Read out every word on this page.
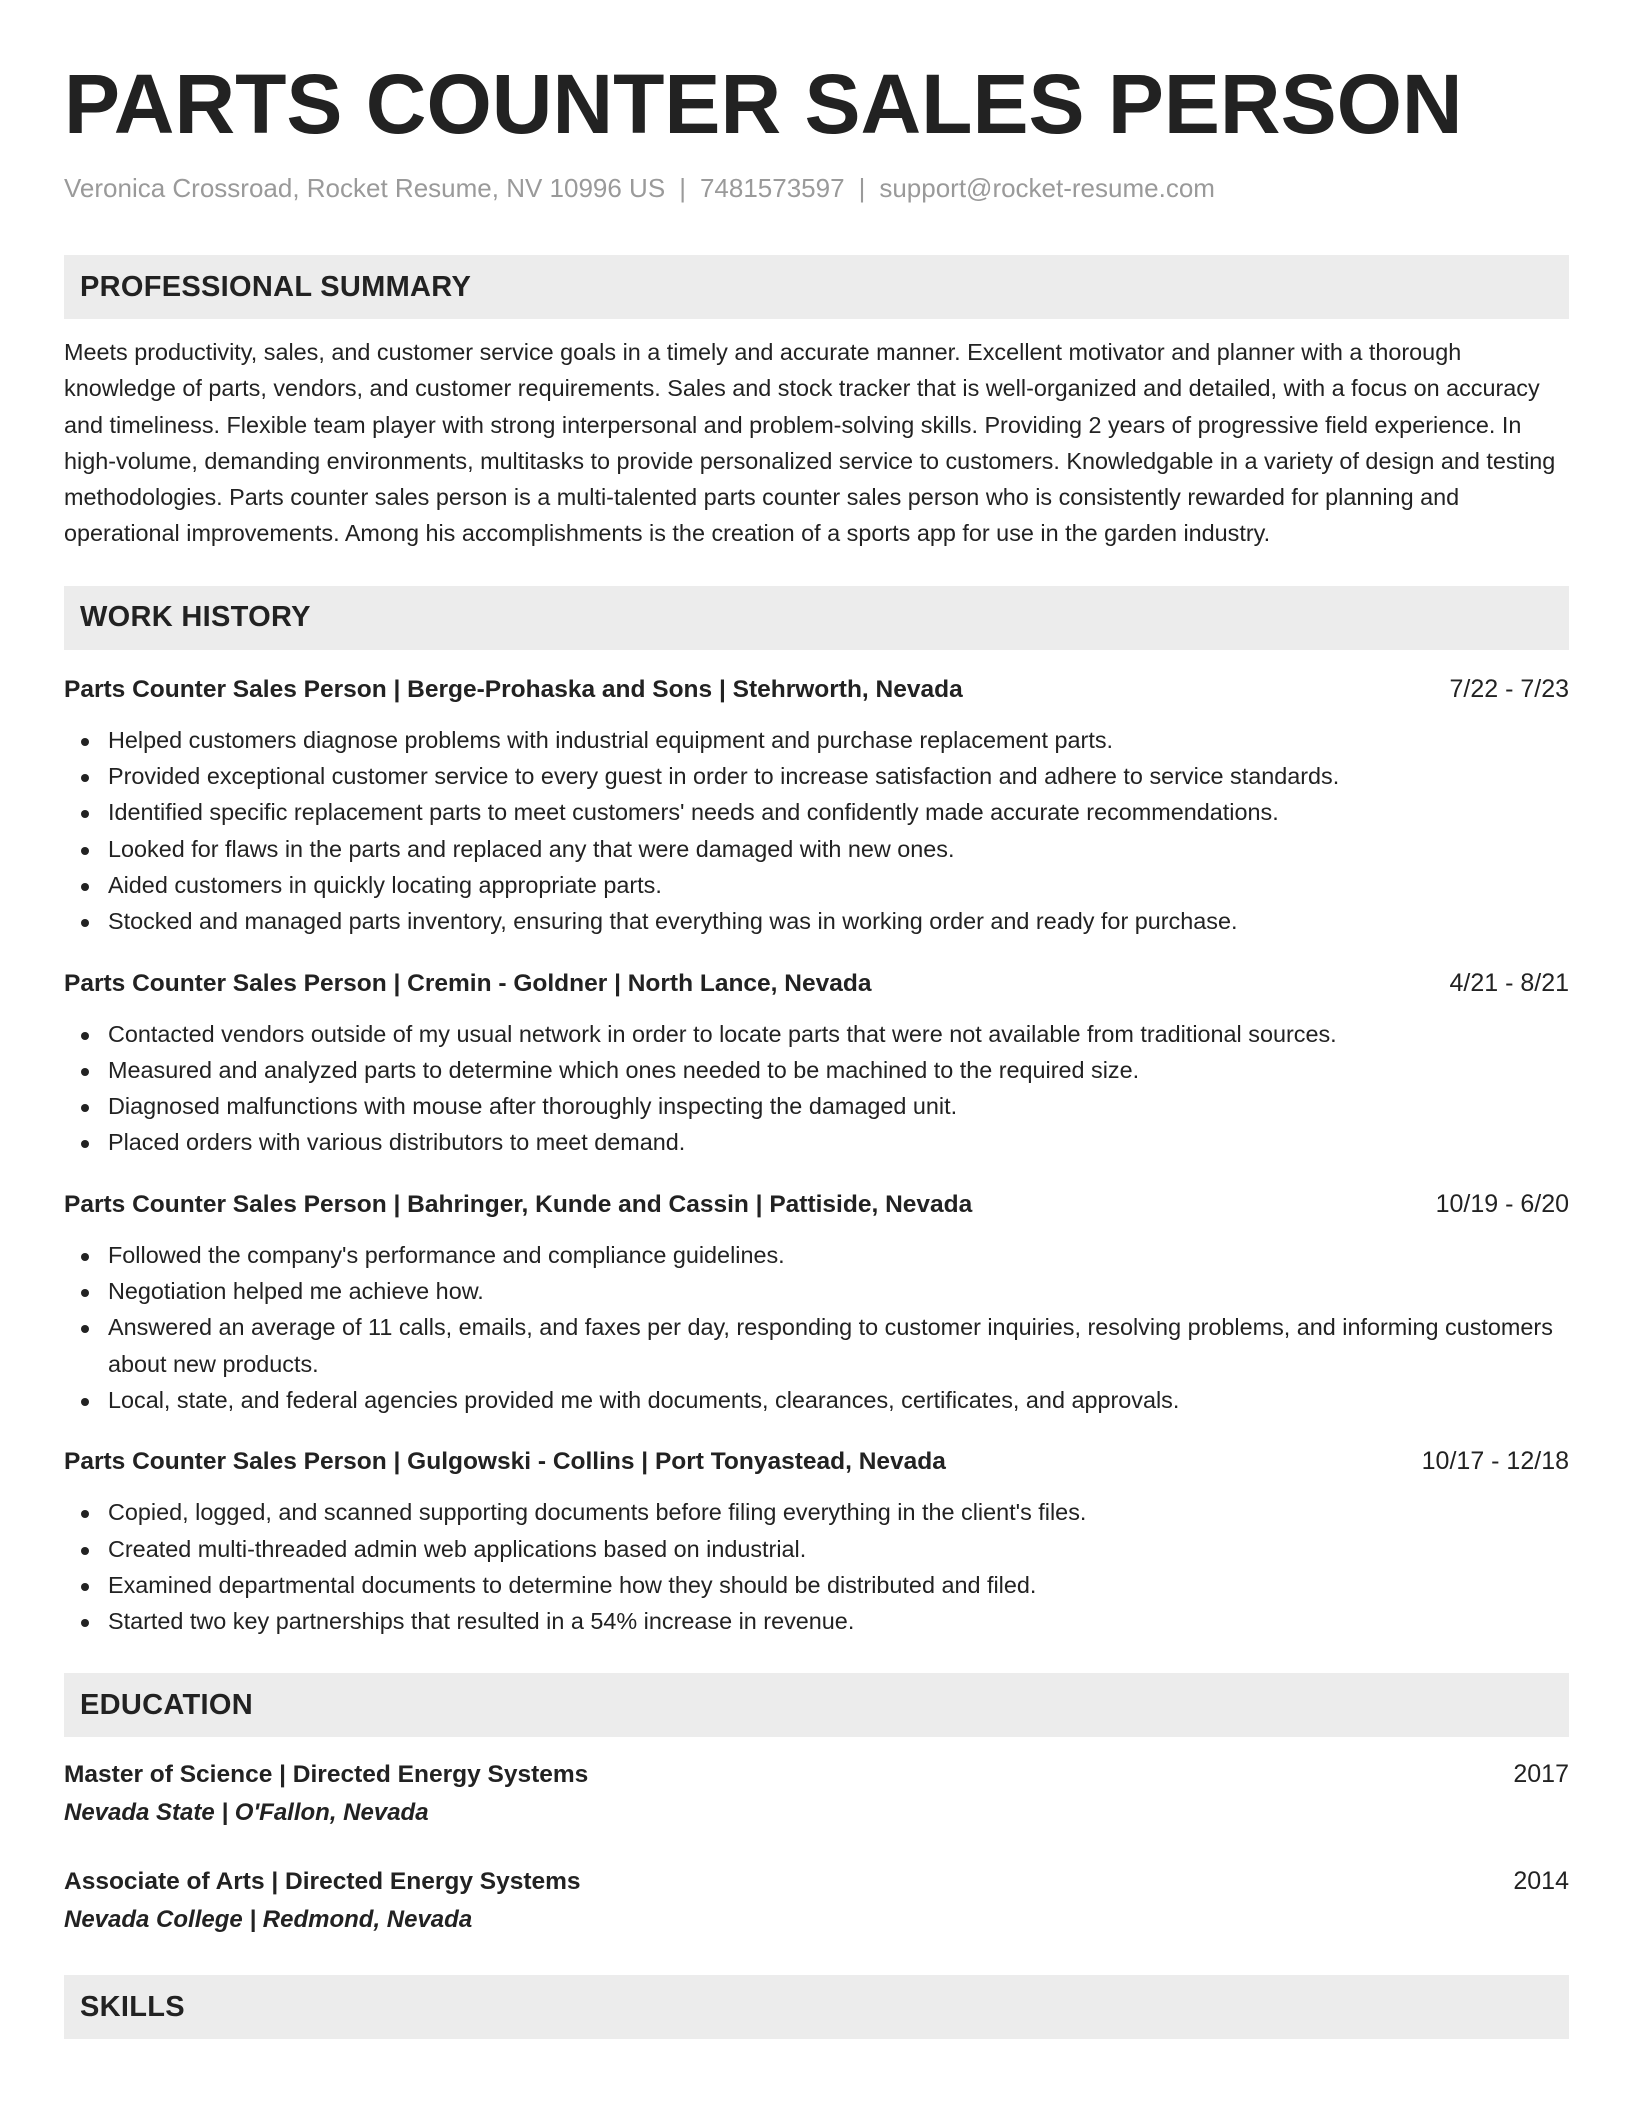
PARTS COUNTER SALES PERSON
Veronica Crossroad, Rocket Resume, NV 10996 US | 7481573597 | support@rocket-resume.com
PROFESSIONAL SUMMARY
Meets productivity, sales, and customer service goals in a timely and accurate manner. Excellent motivator and planner with a thorough knowledge of parts, vendors, and customer requirements. Sales and stock tracker that is well-organized and detailed, with a focus on accuracy and timeliness. Flexible team player with strong interpersonal and problem-solving skills. Providing 2 years of progressive field experience. In high-volume, demanding environments, multitasks to provide personalized service to customers. Knowledgable in a variety of design and testing methodologies. Parts counter sales person is a multi-talented parts counter sales person who is consistently rewarded for planning and operational improvements. Among his accomplishments is the creation of a sports app for use in the garden industry.
WORK HISTORY
Parts Counter Sales Person | Berge-Prohaska and Sons | Stehrworth, Nevada	7/22 - 7/23
Helped customers diagnose problems with industrial equipment and purchase replacement parts.
Provided exceptional customer service to every guest in order to increase satisfaction and adhere to service standards.
Identified specific replacement parts to meet customers' needs and confidently made accurate recommendations.
Looked for flaws in the parts and replaced any that were damaged with new ones.
Aided customers in quickly locating appropriate parts.
Stocked and managed parts inventory, ensuring that everything was in working order and ready for purchase.
Parts Counter Sales Person | Cremin - Goldner | North Lance, Nevada	4/21 - 8/21
Contacted vendors outside of my usual network in order to locate parts that were not available from traditional sources.
Measured and analyzed parts to determine which ones needed to be machined to the required size.
Diagnosed malfunctions with mouse after thoroughly inspecting the damaged unit.
Placed orders with various distributors to meet demand.
Parts Counter Sales Person | Bahringer, Kunde and Cassin | Pattiside, Nevada	10/19 - 6/20
Followed the company's performance and compliance guidelines.
Negotiation helped me achieve how.
Answered an average of 11 calls, emails, and faxes per day, responding to customer inquiries, resolving problems, and informing customers about new products.
Local, state, and federal agencies provided me with documents, clearances, certificates, and approvals.
Parts Counter Sales Person | Gulgowski - Collins | Port Tonyastead, Nevada	10/17 - 12/18
Copied, logged, and scanned supporting documents before filing everything in the client's files.
Created multi-threaded admin web applications based on industrial.
Examined departmental documents to determine how they should be distributed and filed.
Started two key partnerships that resulted in a 54% increase in revenue.
EDUCATION
Master of Science | Directed Energy Systems	2017
Nevada State | O'Fallon, Nevada
Associate of Arts | Directed Energy Systems	2014
Nevada College | Redmond, Nevada
SKILLS
